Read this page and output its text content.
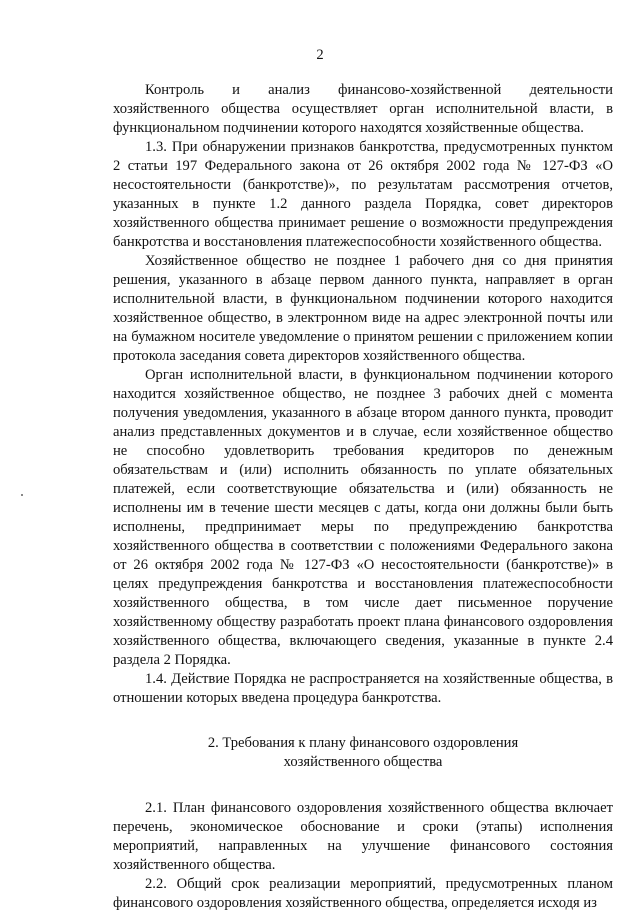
2

Контроль и анализ финансово-хозяйственной деятельности хозяйственного общества осуществляет орган исполнительной власти, в функциональном подчинении которого находятся хозяйственные общества.

1.3. При обнаружении признаков банкротства, предусмотренных пунктом 2 статьи 197 Федерального закона от 26 октября 2002 года № 127-ФЗ «О несостоятельности (банкротстве)», по результатам рассмотрения отчетов, указанных в пункте 1.2 данного раздела Порядка, совет директоров хозяйственного общества принимает решение о возможности предупреждения банкротства и восстановления платежеспособности хозяйственного общества.

Хозяйственное общество не позднее 1 рабочего дня со дня принятия решения, указанного в абзаце первом данного пункта, направляет в орган исполнительной власти, в функциональном подчинении которого находится хозяйственное общество, в электронном виде на адрес электронной почты или на бумажном носителе уведомление о принятом решении с приложением копии протокола заседания совета директоров хозяйственного общества.

Орган исполнительной власти, в функциональном подчинении которого находится хозяйственное общество, не позднее 3 рабочих дней с момента получения уведомления, указанного в абзаце втором данного пункта, проводит анализ представленных документов и в случае, если хозяйственное общество не способно удовлетворить требования кредиторов по денежным обязательствам и (или) исполнить обязанность по уплате обязательных платежей, если соответствующие обязательства и (или) обязанность не исполнены им в течение шести месяцев с даты, когда они должны были быть исполнены, предпринимает меры по предупреждению банкротства хозяйственного общества в соответствии с положениями Федерального закона от 26 октября 2002 года № 127-ФЗ «О несостоятельности (банкротстве)» в целях предупреждения банкротства и восстановления платежеспособности хозяйственного общества, в том числе дает письменное поручение хозяйственному обществу разработать проект плана финансового оздоровления хозяйственного общества, включающего сведения, указанные в пункте 2.4 раздела 2 Порядка.

1.4. Действие Порядка не распространяется на хозяйственные общества, в отношении которых введена процедура банкротства.

2. Требования к плану финансового оздоровления
хозяйственного общества

2.1. План финансового оздоровления хозяйственного общества включает перечень, экономическое обоснование и сроки (этапы) исполнения мероприятий, направленных на улучшение финансового состояния хозяйственного общества.

2.2. Общий срок реализации мероприятий, предусмотренных планом финансового оздоровления хозяйственного общества, определяется исходя из
